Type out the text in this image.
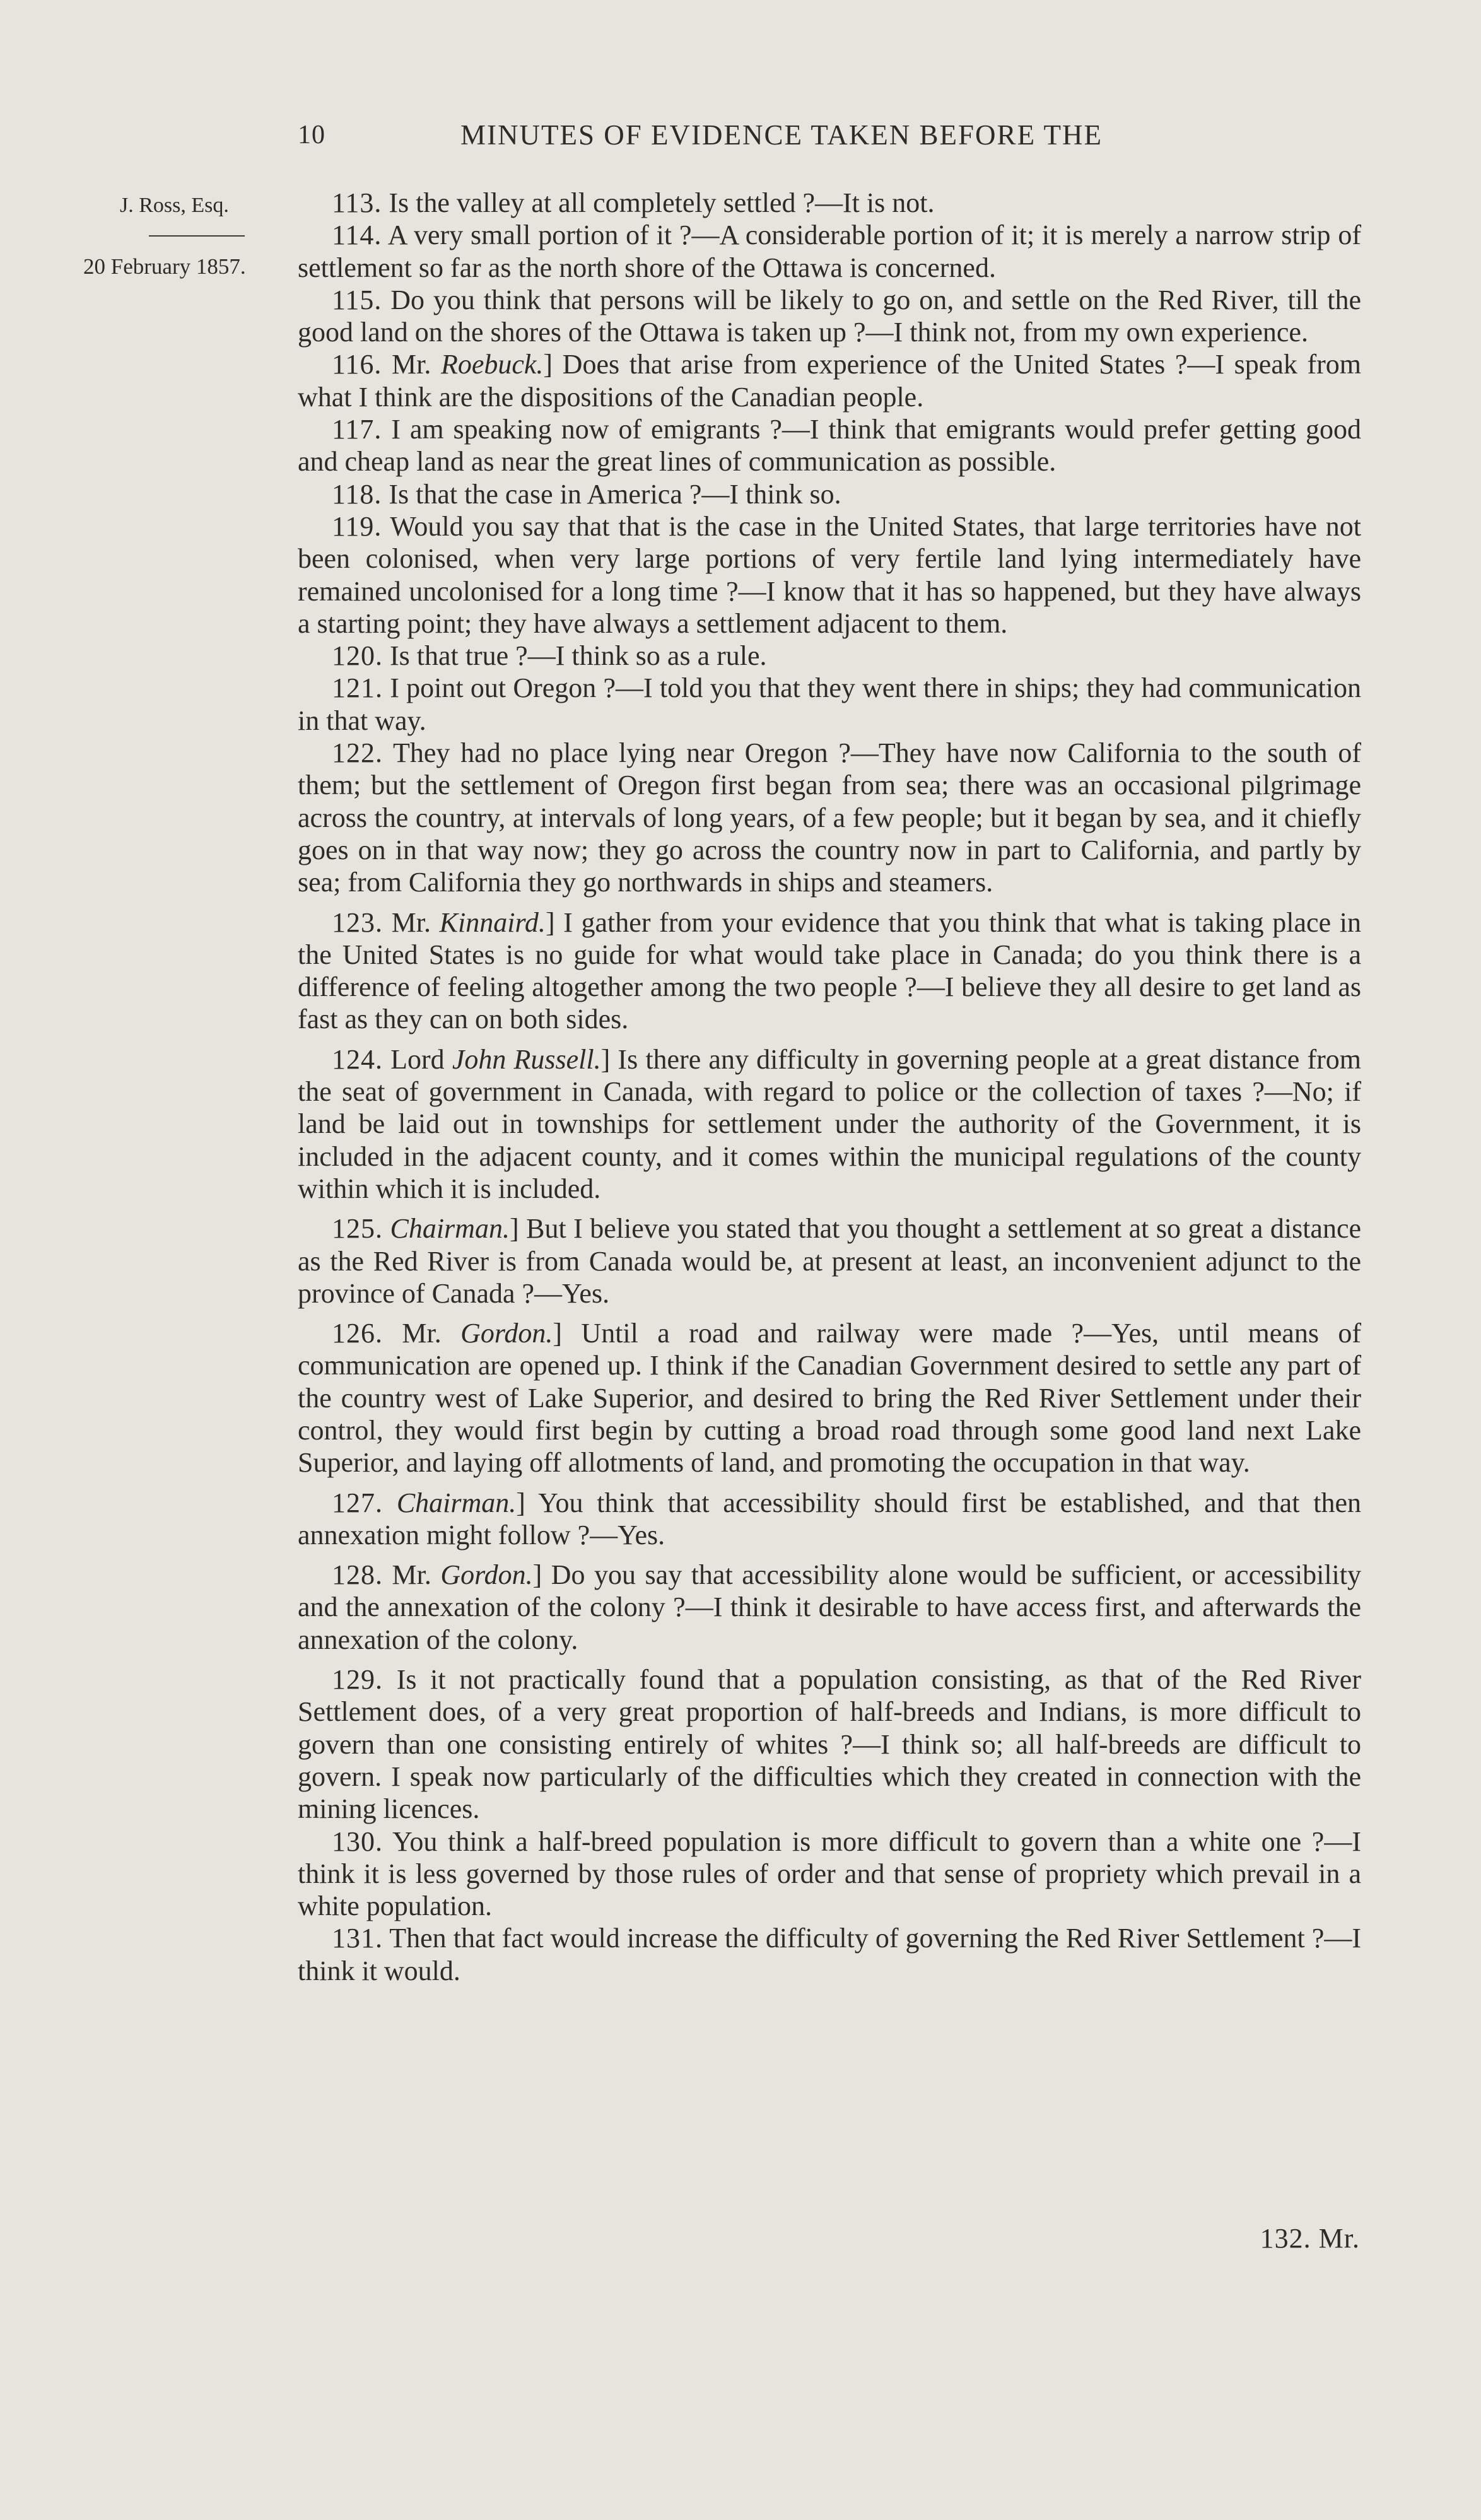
10	MINUTES OF EVIDENCE TAKEN BEFORE THE
J. Ross, Esq.
20 February 1857.

113. Is the valley at all completely settled ?—It is not.

114. A very small portion of it ?—A considerable portion of it; it is merely a narrow strip of settlement so far as the north shore of the Ottawa is concerned.

115. Do you think that persons will be likely to go on, and settle on the Red River, till the good land on the shores of the Ottawa is taken up ?—I think not, from my own experience.

116. Mr. Roebuck.] Does that arise from experience of the United States ?—I speak from what I think are the dispositions of the Canadian people.

117. I am speaking now of emigrants ?—I think that emigrants would prefer getting good and cheap land as near the great lines of communication as possible.

118. Is that the case in America ?—I think so.

119. Would you say that that is the case in the United States, that large territories have not been colonised, when very large portions of very fertile land lying intermediately have remained uncolonised for a long time ?—I know that it has so happened, but they have always a starting point; they have always a settlement adjacent to them.

120. Is that true ?—I think so as a rule.

121. I point out Oregon ?—I told you that they went there in ships; they had communication in that way.

122. They had no place lying near Oregon ?—They have now California to the south of them; but the settlement of Oregon first began from sea; there was an occasional pilgrimage across the country, at intervals of long years, of a few people; but it began by sea, and it chiefly goes on in that way now; they go across the country now in part to California, and partly by sea; from California they go northwards in ships and steamers.

123. Mr. Kinnaird.] I gather from your evidence that you think that what is taking place in the United States is no guide for what would take place in Canada; do you think there is a difference of feeling altogether among the two people ?—I believe they all desire to get land as fast as they can on both sides.

124. Lord John Russell.] Is there any difficulty in governing people at a great distance from the seat of government in Canada, with regard to police or the collection of taxes ?—No; if land be laid out in townships for settlement under the authority of the Government, it is included in the adjacent county, and it comes within the municipal regulations of the county within which it is included.

125. Chairman.] But I believe you stated that you thought a settlement at so great a distance as the Red River is from Canada would be, at present at least, an inconvenient adjunct to the province of Canada ?—Yes.

126. Mr. Gordon.] Until a road and railway were made ?—Yes, until means of communication are opened up. I think if the Canadian Government desired to settle any part of the country west of Lake Superior, and desired to bring the Red River Settlement under their control, they would first begin by cutting a broad road through some good land next Lake Superior, and laying off allotments of land, and promoting the occupation in that way.

127. Chairman.] You think that accessibility should first be established, and that then annexation might follow ?—Yes.

128. Mr. Gordon.] Do you say that accessibility alone would be sufficient, or accessibility and the annexation of the colony ?—I think it desirable to have access first, and afterwards the annexation of the colony.

129. Is it not practically found that a population consisting, as that of the Red River Settlement does, of a very great proportion of half-breeds and Indians, is more difficult to govern than one consisting entirely of whites ?—I think so; all half-breeds are difficult to govern. I speak now particularly of the difficulties which they created in connection with the mining licences.

130. You think a half-breed population is more difficult to govern than a white one ?—I think it is less governed by those rules of order and that sense of propriety which prevail in a white population.

131. Then that fact would increase the difficulty of governing the Red River Settlement ?—I think it would.

132. Mr.
